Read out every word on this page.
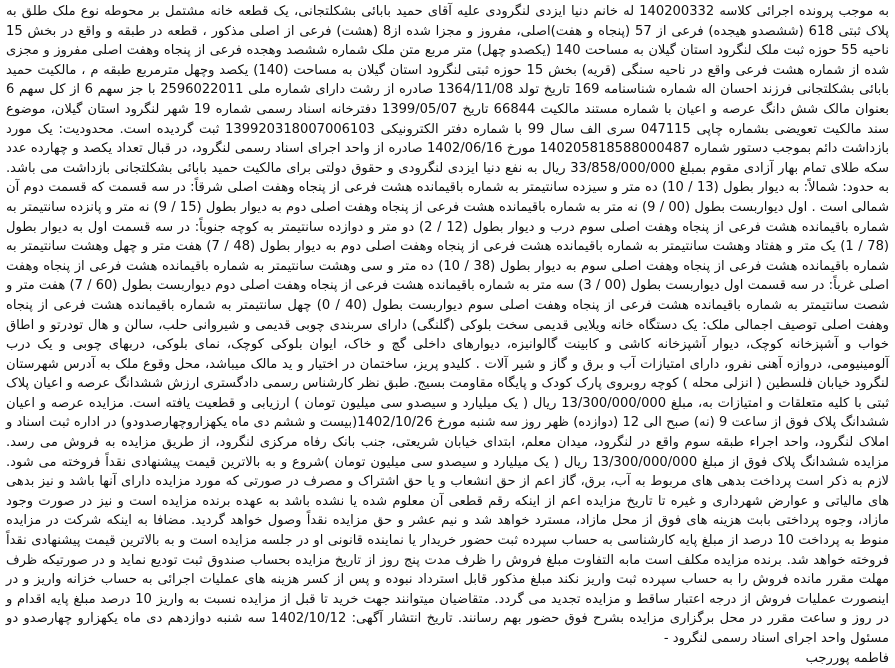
به موجب پرونده اجرائی کلاسه 140200332 له خانم دنیا ایزدی لنگرودی علیه آقای حمید بابائی بشکلتجانی، یک قطعه خانه مشتمل بر محوطه نوع ملک طلق به پلاک ثبتی 618 (ششصدو هیجده) فرعی از 57 (پنجاه و هفت)اصلی، مفروز و مجزا شده از8 (هشت) فرعی از اصلی مذکور ، قطعه در طبقه و واقع در بخش 15 ناحیه 55 حوزه ثبت ملک لنگرود استان گیلان به مساحت 140 (یکصدو چهل) متر مربع متن ملک شماره ششصد وهجده فرعی از پنجاه وهفت اصلی مفروز و مجزی شده از شماره هشت فرعی واقع در ناحیه سنگی (قریه) بخش 15 حوزه ثبتی لنگرود استان گیلان به مساحت (140) یکصد وچهل مترمربع طبقه م ، مالکیت حمید بابائی بشکلتجانی فرزند احسان اله شماره شناسنامه 169 تاریخ تولد 1364/11/08 صادره از رشت دارای شماره ملی 2596022011 با جز سهم 6 از کل سهم 6 بعنوان مالک شش دانگ عرصه و اعیان با شماره مستند مالکیت 66844 تاریخ 1399/05/07 دفترخانه اسناد رسمی شماره 19 شهر لنگرود استان گیلان، موضوع سند مالکیت تعویضی بشماره چاپی 047115 سری الف سال 99 با شماره دفتر الکترونیکی 139920318007006103 ثبت گردیده است. محدودیت: یک مورد بازداشت دائم بموجب دستور شماره 140205818588000487 مورخ 1402/06/16 صادره از واحد اجرای اسناد رسمی لنگرود، در قبال تعداد یکصد و چهارده عدد سکه طلای تمام بهار آزادی مقوم بمبلغ 33/858/000/000 ریال به نفع دنیا ایزدی لنگرودی و حقوق دولتی برای مالکیت حمید بابائی بشکلتجانی بازداشت می باشد. به حدود: شمالاً: به دیوار بطول (13 / 10) ده متر و سیزده سانتیمتر به شماره باقیمانده هشت فرعی از پنجاه وهفت اصلی شرقاً: در سه قسمت که قسمت دوم آن شمالی است . اول دیواربست بطول (00 / 9) نه متر به شماره باقیمانده هشت فرعی از پنجاه وهفت اصلی دوم به دیوار بطول (15 / 9) نه متر و پانزده سانتیمتر به شماره باقیمانده هشت فرعی از پنجاه وهفت اصلی سوم درب و دیوار بطول (12 / 2) دو متر و دوازده سانتیمتر به کوچه جنوباً: در سه قسمت اول به دیوار بطول (78 / 1) یک متر و هفتاد وهشت سانتیمتر به شماره باقیمانده هشت فرعی از پنجاه وهفت اصلی دوم به دیوار بطول (48 / 7) هفت متر و چهل وهشت سانتیمتر به شماره باقیمانده هشت فرعی از پنجاه وهفت اصلی سوم به دیوار بطول (38 / 10) ده متر و سی وهشت سانتیمتر به شماره باقیمانده هشت فرعی از پنجاه وهفت اصلی غرباً: در سه قسمت اول دیواربست بطول (00 / 3) سه متر به شماره باقیمانده هشت فرعی از پنجاه وهفت اصلی دوم دیواربست بطول (60 / 7) هفت متر و شصت سانتیمتر به شماره باقیمانده هشت فرعی از پنجاه وهفت اصلی سوم دیواربست بطول (40 / 0) چهل سانتیمتر به شماره باقیمانده هشت فرعی از پنجاه وهفت اصلی توصیف اجمالی ملک: یک دستگاه خانه ویلایی قدیمی سخت بلوکی (گلنگی) دارای سربندی چوبی قدیمی و شیروانی حلب، سالن و هال تودرتو و اطاق خواب و آشپزخانه کوچک، دیوار آشپزخانه کاشی و کابینت گالوانیزه، دیوارهای داخلی گچ و خاک، ایوان بلوکی کوچک، نمای بلوکی، دربهای چوبی و یک درب آلومینیومی، دروازه آهنی نفرو، دارای امتیازات آب و برق و گاز و شیر آلات . کلیدو پریز، ساختمان در اختیار و ید مالک میباشد، محل وقوع ملک به آدرس شهرستان لنگرود خیابان فلسطین ( انزلی محله ) کوچه روبروی پارک کودک و پایگاه مقاومت بسیج. طبق نظر کارشناس رسمی دادگستری ارزش ششدانگ عرصه و اعیان پلاک ثبتی با کلیه متعلقات و امتیازات به، مبلغ 13/300/000/000 ریال ( یک میلیارد و سیصدو سی میلیون تومان ) ارزیابی و قطعیت یافته است. مزایده عرصه و اعیان ششدانگ پلاک فوق از ساعت 9 (نه) صبح الی 12 (دوازده) ظهر روز سه شنبه مورخ 1402/10/26(بیست و ششم دی ماه یکهزاروچهارصدودو) در اداره ثبت اسناد و املاک لنگرود، واحد اجراء طبقه سوم واقع در لنگرود، میدان معلم، ابتدای خیابان شریعتی، جنب بانک رفاه مرکزی لنگرود، از طریق مزایده به فروش می رسد. مزایده ششدانگ پلاک فوق از مبلغ 13/300/000/000 ریال ( یک میلیارد و سیصدو سی میلیون تومان )شروع و به بالاترین قیمت پیشنهادی نقداً فروخته می شود. لازم به ذکر است پرداخت بدهی های مربوط به آب، برق، گاز اعم از حق انشعاب و یا حق اشتراک و مصرف در صورتی که مورد مزایده دارای آنها باشد و نیز بدهی های مالیاتی و عوارض شهرداری و غیره تا تاریخ مزایده اعم از اینکه رقم قطعی آن معلوم شده یا نشده باشد به عهده برنده مزایده است و نیز در صورت وجود مازاد، وجوه پرداختی بابت هزینه های فوق از محل مازاد، مسترد خواهد شد و نیم عشر و حق مزایده نقداً وصول خواهد گردید. مضافا به اینکه شرکت در مزایده منوط به پرداخت 10 درصد از مبلغ پایه کارشناسی به حساب سپرده ثبت حضور خریدار یا نماینده قانونی او در جلسه مزایده است و به بالاترین قیمت پیشنهادی نقداً فروخته خواهد شد. برنده مزایده مکلف است مابه التفاوت مبلغ فروش را ظرف مدت پنج روز از تاریخ مزایده بحساب صندوق ثبت تودیع نماید و در صورتیکه ظرف مهلت مقرر مانده فروش را به حساب سپرده ثبت واریز نکند مبلغ مذکور قابل استرداد نبوده و پس از کسر هزینه های عملیات اجرائی به حساب خزانه واریز و در اینصورت عملیات فروش از درجه اعتبار ساقط و مزایده تجدید می گردد. متقاضیان میتوانند جهت خرید تا قبل از مزایده نسبت به واریز 10 درصد مبلغ پایه اقدام و در روز و ساعت مقرر در محل برگزاری مزایده بشرح فوق حضور بهم رسانند. تاریخ انتشار آگهی: 1402/10/12 سه شنبه دوازدهم دی ماه یکهزارو چهارصدو دو مسئول واحد اجرای اسناد رسمی لنگرود -

فاطمه پوررجب
